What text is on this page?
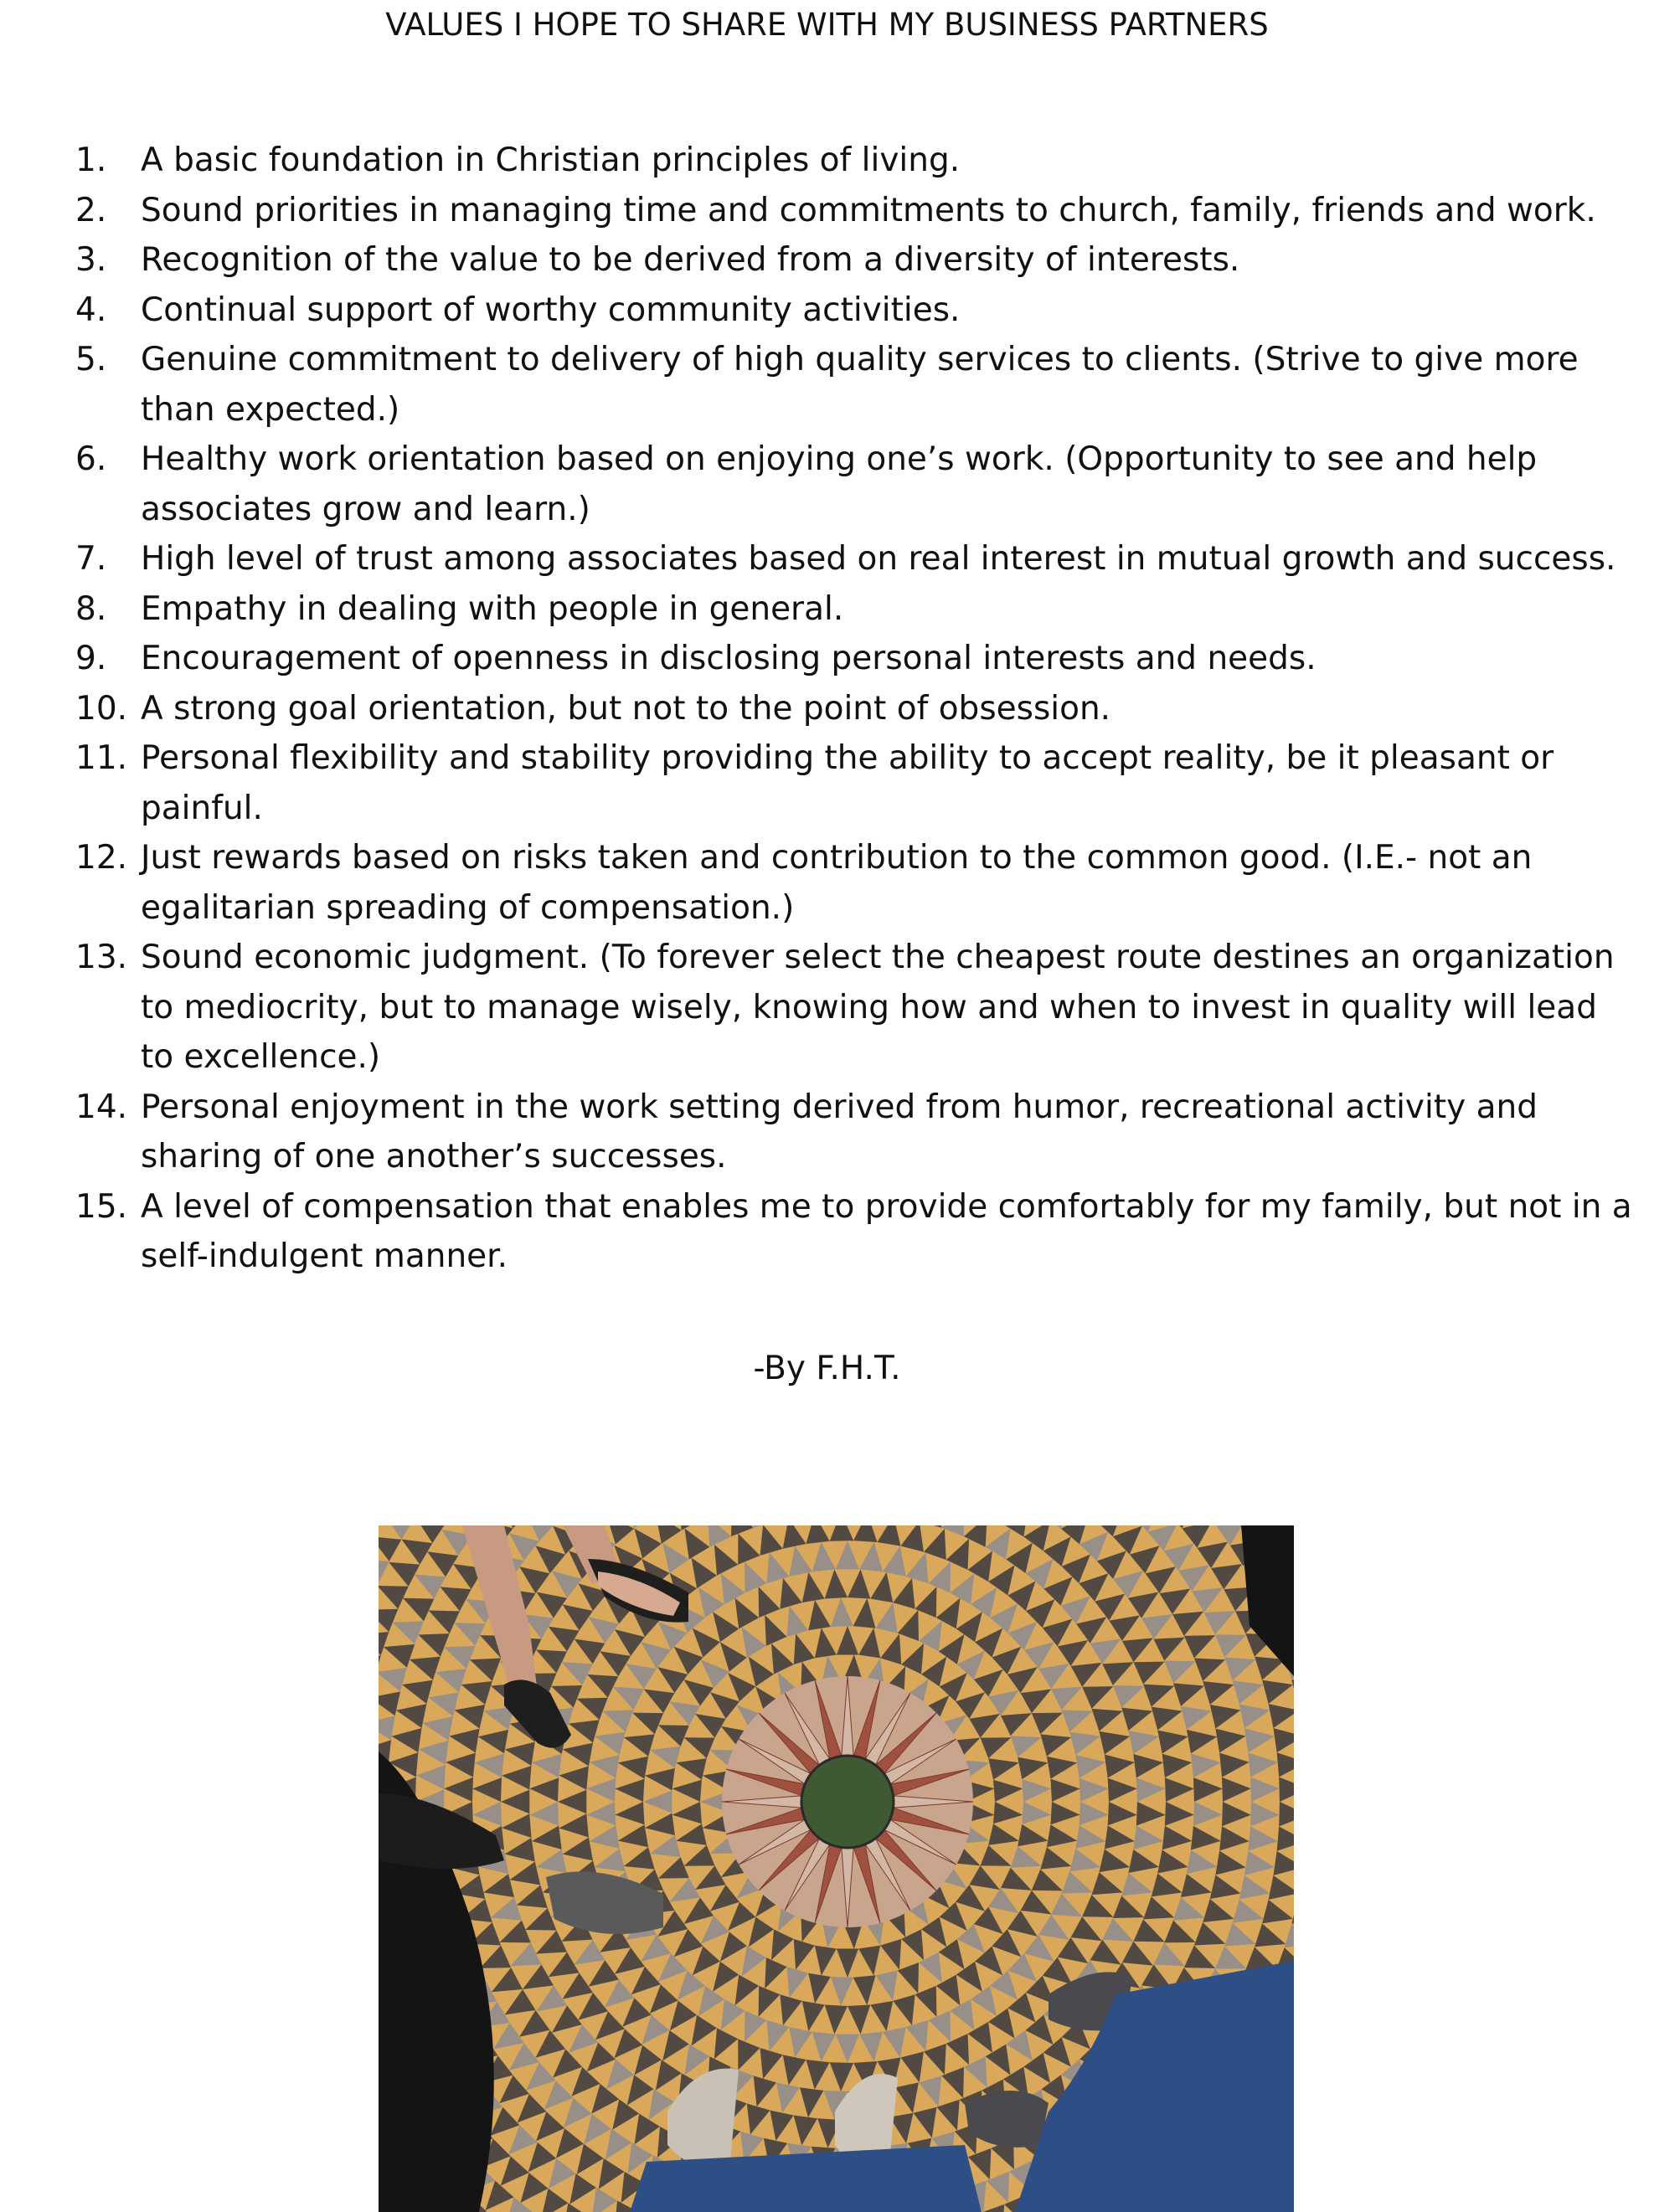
VALUES I HOPE TO SHARE WITH MY BUSINESS PARTNERS
1.	A basic foundation in Christian principles of living.
2.	Sound priorities in managing time and commitments to church, family, friends and work.
3.	Recognition of the value to be derived from a diversity of interests.
4.	Continual support of worthy community activities.
5.	Genuine commitment to delivery of high quality services to clients. (Strive to give more than expected.)
6.	Healthy work orientation based on enjoying one’s work. (Opportunity to see and help associates grow and learn.)
7.	High level of trust among associates based on real interest in mutual growth and success.
8.	Empathy in dealing with people in general.
9.	Encouragement of openness in disclosing personal interests and needs.
10. A strong goal orientation, but not to the point of obsession.
11. Personal flexibility and stability providing the ability to accept reality, be it pleasant or painful.
12. Just rewards based on risks taken and contribution to the common good. (I.E.- not an egalitarian spreading of compensation.)
13. Sound economic judgment. (To forever select the cheapest route destines an organization to mediocrity, but to manage wisely, knowing how and when to invest in quality will lead to excellence.)
14. Personal enjoyment in the work setting derived from humor, recreational activity and sharing of one another’s successes.
15. A level of compensation that enables me to provide comfortably for my family, but not in a self-indulgent manner.
-By F.H.T.
